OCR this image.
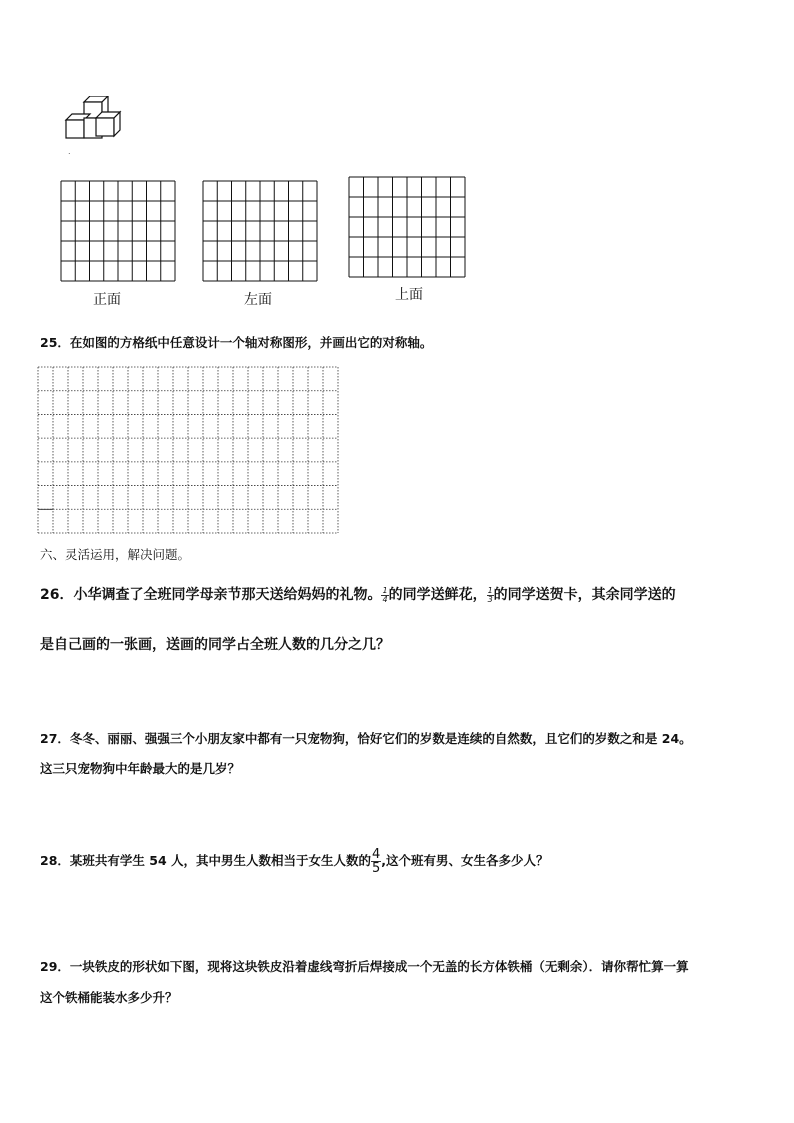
.
正面	左面	上面
25．在如图的方格纸中任意设计一个轴对称图形，并画出它的对称轴。
六、灵活运用，解决问题。
26．小华调查了全班同学母亲节那天送给妈妈的礼物。 $\frac{1}{4}$ 的同学送鲜花， $\frac{1}{3}$ 的同学送贺卡，其余同学送的
是自己画的一张画，送画的同学占全班人数的几分之几？
27．冬冬、丽丽、强强三个小朋友家中都有一只宠物狗，恰好它们的岁数是连续的自然数，且它们的岁数之和是 24。
这三只宠物狗中年龄最大的是几岁？
28．某班共有学生 54 人，其中男生人数相当于女生人数的 $\frac{4}{5}$ ,这个班有男、女生各多少人？
29．一块铁皮的形状如下图，现将这块铁皮沿着虚线弯折后焊接成一个无盖的长方体铁桶（无剩余）．请你帮忙算一算
这个铁桶能装水多少升？
